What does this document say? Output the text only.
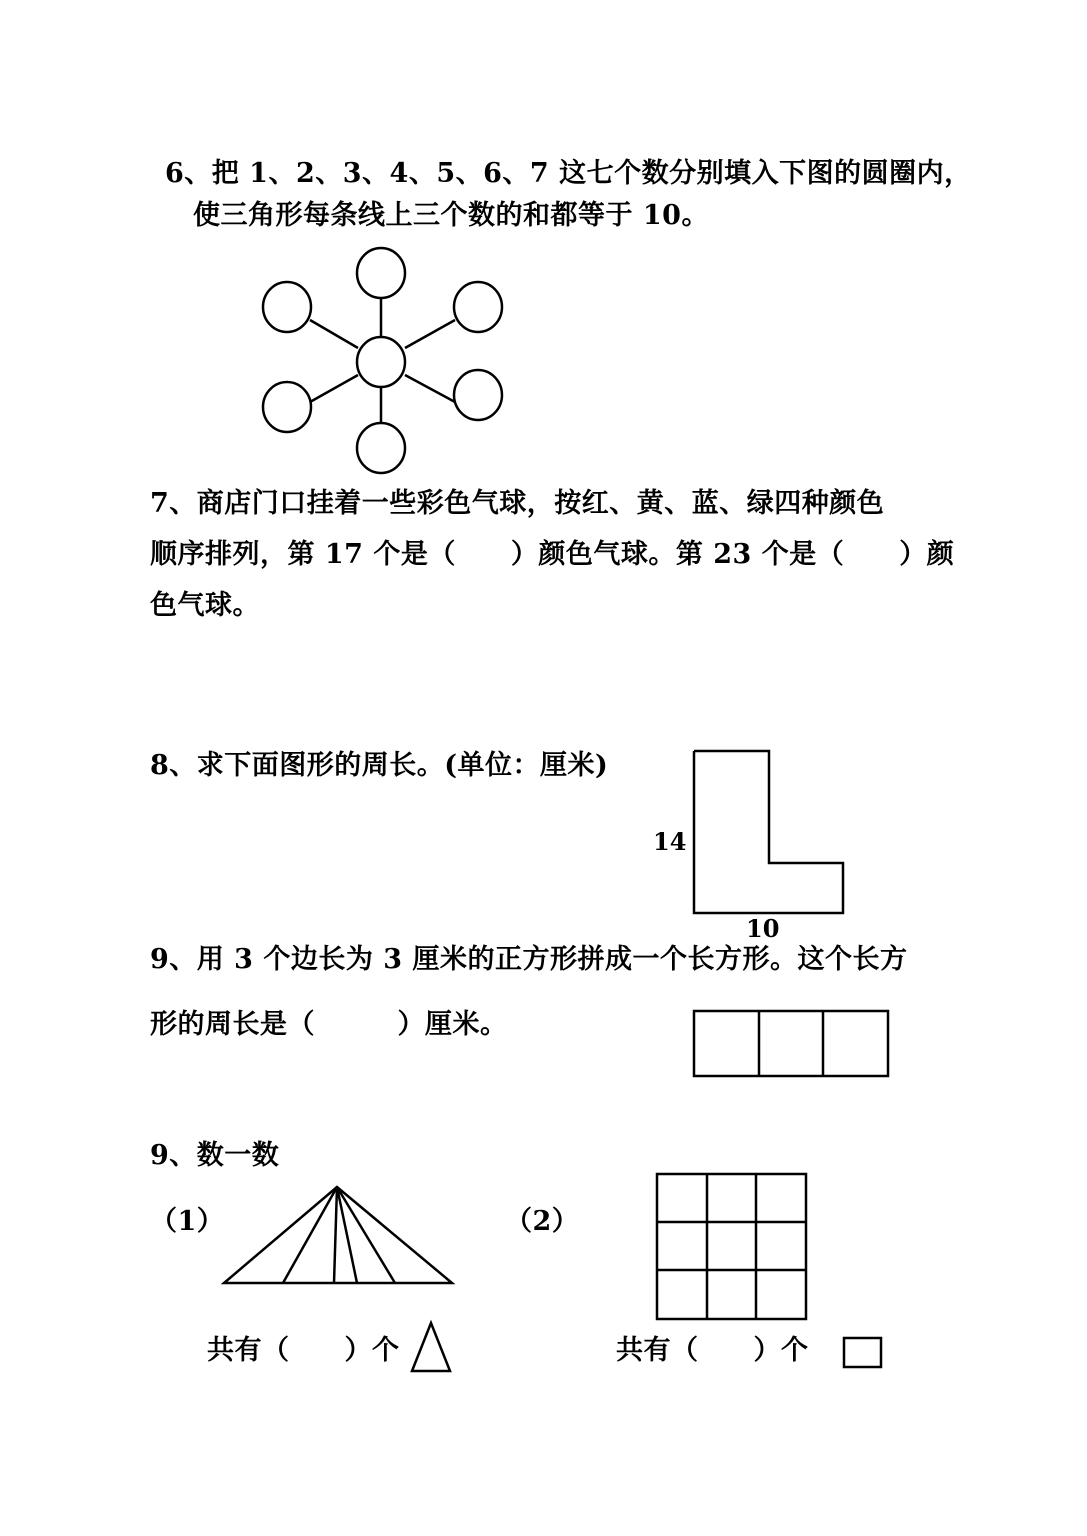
6、把 1、2、3、4、5、6、7 这七个数分别填入下图的圆圈内，
使三角形每条线上三个数的和都等于 10。
7、商店门口挂着一些彩色气球，按红、黄、蓝、绿四种颜色
顺序排列，第 17 个是（　　）颜色气球。第 23 个是（　　）颜
色气球。
8、求下面图形的周长。(单位：厘米)
14
10
9、用 3 个边长为 3 厘米的正方形拼成一个长方形。这个长方
形的周长是（　　　）厘米。
9、数一数
（1）	（2）
共有（　　）个	共有（　　）个
